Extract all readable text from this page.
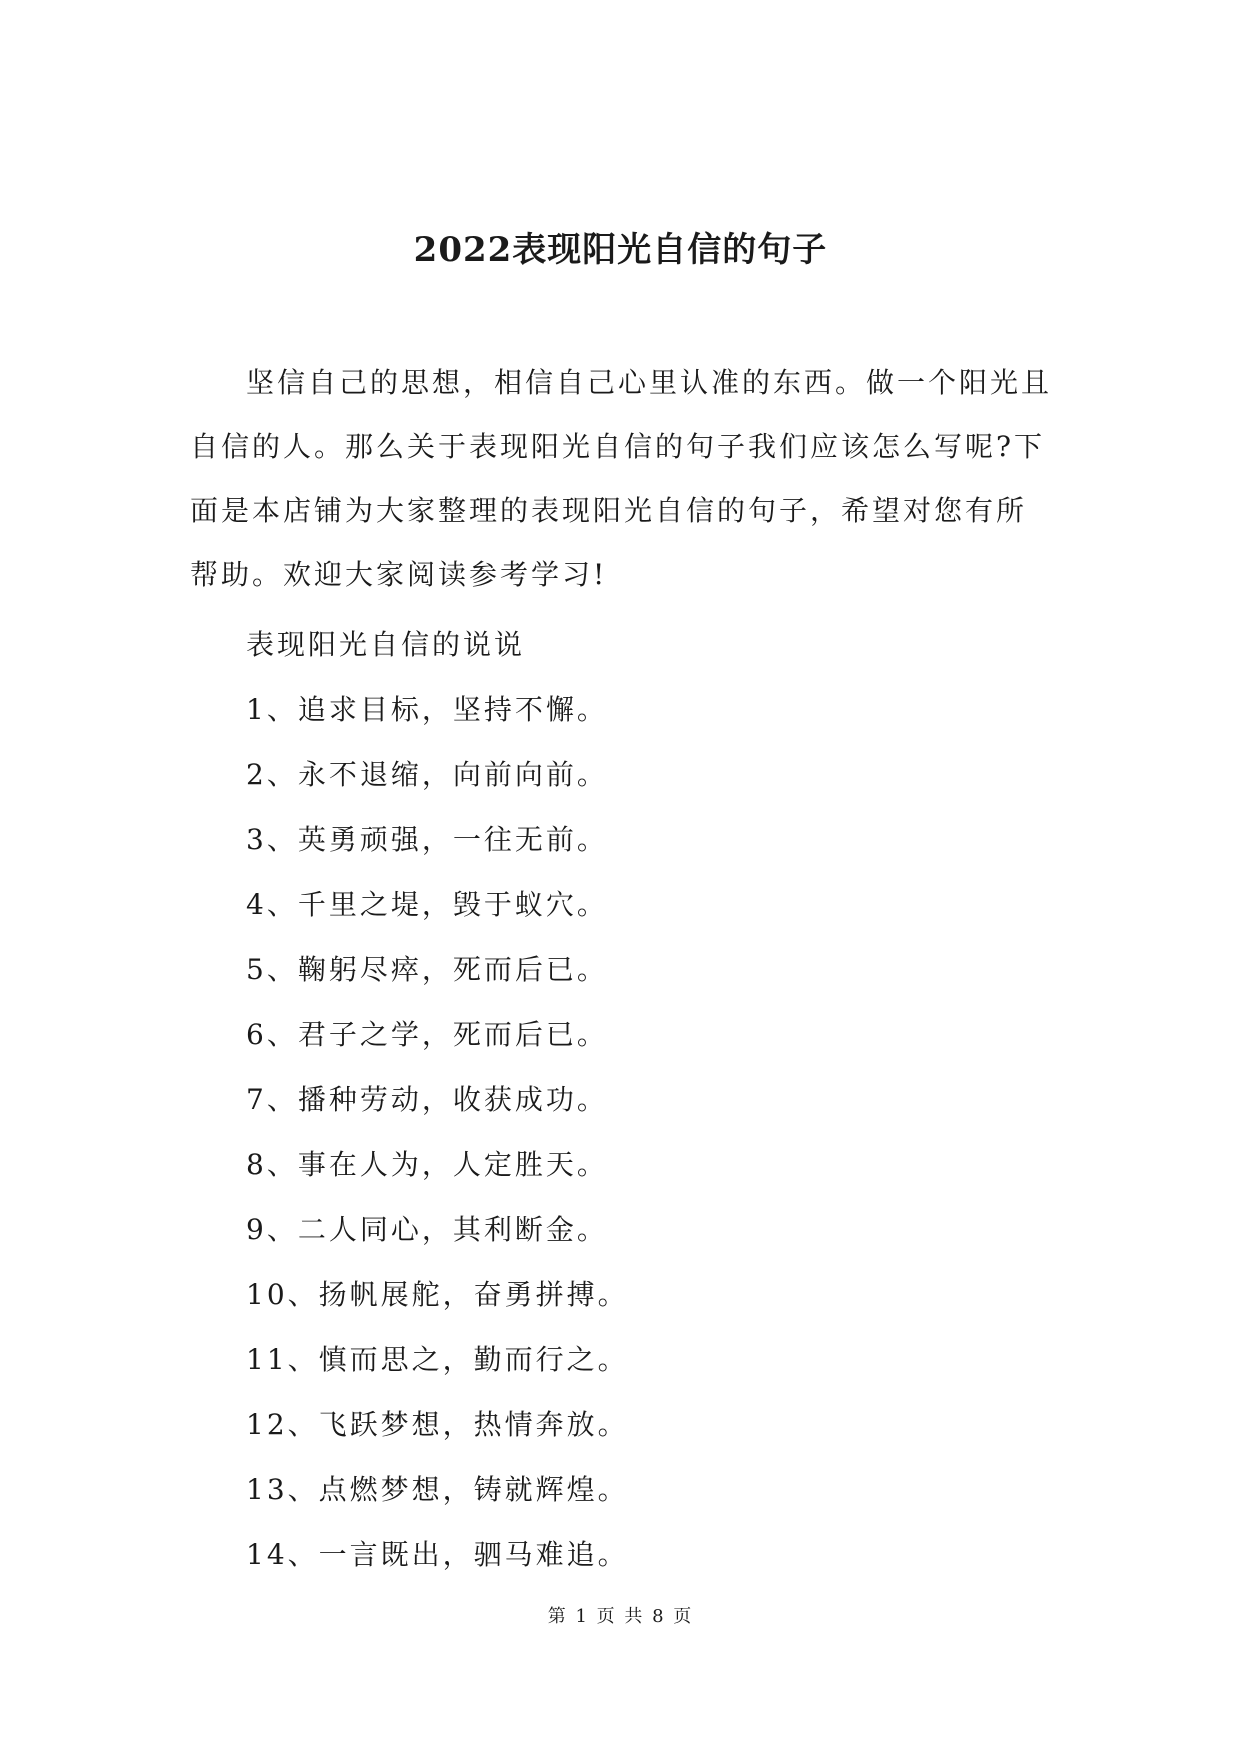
2022表现阳光自信的句子

坚信自己的思想，相信自己心里认准的东西。做一个阳光且自信的人。那么关于表现阳光自信的句子我们应该怎么写呢?下面是本店铺为大家整理的表现阳光自信的句子，希望对您有所帮助。欢迎大家阅读参考学习!

表现阳光自信的说说
1、追求目标，坚持不懈。
2、永不退缩，向前向前。
3、英勇顽强，一往无前。
4、千里之堤，毁于蚁穴。
5、鞠躬尽瘁，死而后已。
6、君子之学，死而后已。
7、播种劳动，收获成功。
8、事在人为，人定胜天。
9、二人同心，其利断金。
10、扬帆展舵，奋勇拼搏。
11、慎而思之，勤而行之。
12、飞跃梦想，热情奔放。
13、点燃梦想，铸就辉煌。
14、一言既出，驷马难追。
第 1 页 共 8 页
